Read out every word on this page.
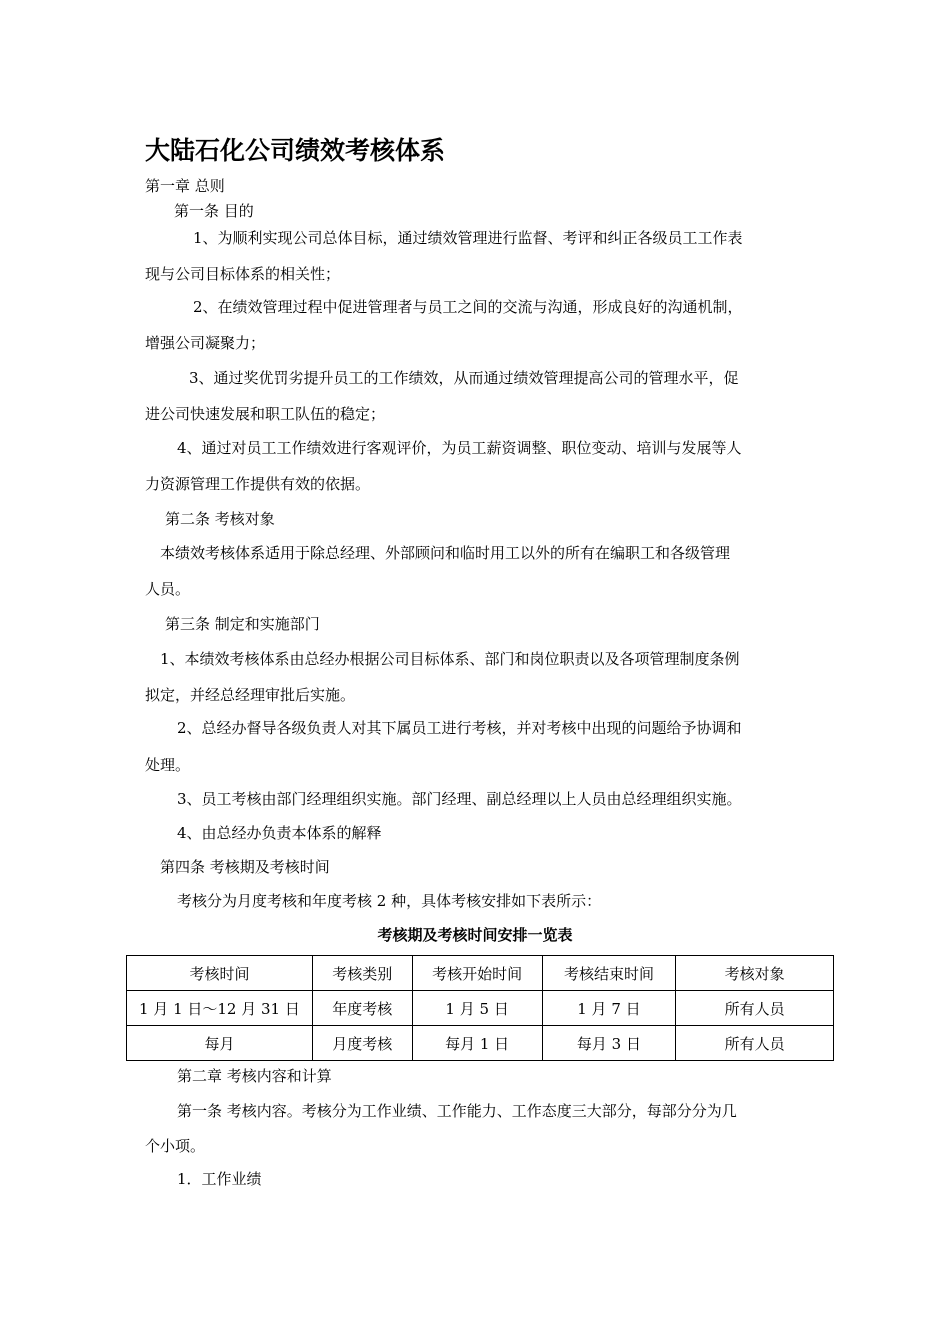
大陆石化公司绩效考核体系
第一章 总则
第一条 目的
1、为顺利实现公司总体目标，通过绩效管理进行监督、考评和纠正各级员工工作表
现与公司目标体系的相关性；
2、在绩效管理过程中促进管理者与员工之间的交流与沟通，形成良好的沟通机制，
增强公司凝聚力；
3、通过奖优罚劣提升员工的工作绩效，从而通过绩效管理提高公司的管理水平，促
进公司快速发展和职工队伍的稳定；
4、通过对员工工作绩效进行客观评价，为员工薪资调整、职位变动、培训与发展等人
力资源管理工作提供有效的依据。
第二条 考核对象
本绩效考核体系适用于除总经理、外部顾问和临时用工以外的所有在编职工和各级管理
人员。
第三条 制定和实施部门
1、本绩效考核体系由总经办根据公司目标体系、部门和岗位职责以及各项管理制度条例
拟定，并经总经理审批后实施。
2、总经办督导各级负责人对其下属员工进行考核，并对考核中出现的问题给予协调和
处理。
3、员工考核由部门经理组织实施。部门经理、副总经理以上人员由总经理组织实施。
4、由总经办负责本体系的解释
第四条 考核期及考核时间
考核分为月度考核和年度考核 2 种，具体考核安排如下表所示：
考核期及考核时间安排一览表
考核时间	考核类别	考核开始时间	考核结束时间	考核对象
1 月 1 日～12 月 31 日	年度考核	1 月 5 日	1 月 7 日	所有人员
每月	月度考核	每月 1 日	每月 3 日	所有人员
第二章 考核内容和计算
第一条 考核内容。考核分为工作业绩、工作能力、工作态度三大部分，每部分分为几
个小项。
1．工作业绩
